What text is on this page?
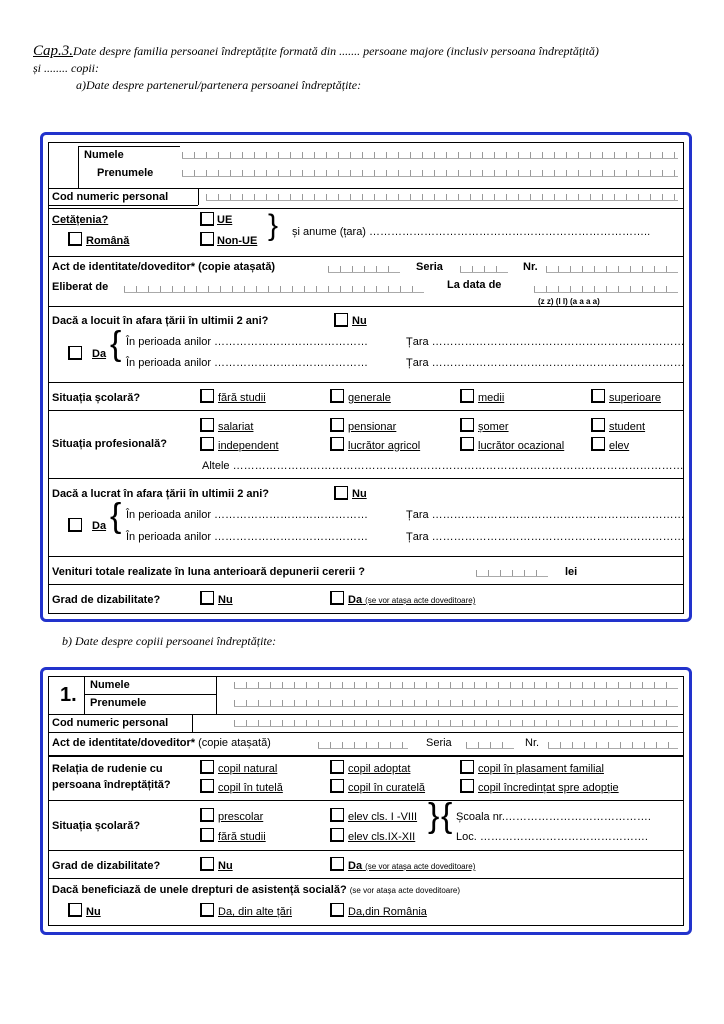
Cap.3.Date despre familia persoanei îndreptățite formată din ....... persoane majore (inclusiv persoana îndreptățită)
și ........ copii:
a)Date despre partenerul/partenera persoanei îndreptățite:
Numele
Prenumele
Cod numeric personal
Cetățenia?	UE
Română	Non-UE } și anume (țara) …………………………………………………………………..
Act de identitate/doveditor* (copie atașată)	Seria	Nr.
Eliberat de	La data de
(z z) (l l) (a a a a)
Dacă a locuit în afara țării în ultimii 2 ani?	Nu
Da { În perioada anilor ……………………………………	Țara ……………………………………………………………
În perioada anilor ……………………………………	Țara ……………………………………………………………
Situația școlară?	fără studii	generale	medii	superioare
Situația profesională?
salariat	pensionar	șomer	student
independent	lucrător agricol	lucrător ocazional	elev
Altele ……………………………………………………………………………………………………………
Dacă a lucrat în afara țării în ultimii 2 ani?	Nu
Da { În perioada anilor ……………………………………	Țara ……………………………………………………………
În perioada anilor ……………………………………	Țara ……………………………………………………………
Venituri totale realizate în luna anterioară depunerii cererii ?	lei
Grad de dizabilitate?	Nu	Da (se vor atașa acte doveditoare)
b) Date despre copiii persoanei îndreptățite:
1. Numele
Prenumele
Cod numeric personal
Act de identitate/doveditor* (copie atașată)	Seria	Nr.
Relația de rudenie cu
persoana îndreptățită?
copil natural	copil adoptat	copil în plasament familial
copil în tutelă	copil în curatelă	copil încredințat spre adopție
Situația școlară?
prescolar	elev cls. I -VIII
fără studii	elev cls.IX-XII
} { Școala nr.………………………………….
Loc. ……………………………………….
Grad de dizabilitate?	Nu	Da (se vor atașa acte doveditoare)
Dacă beneficiază de unele drepturi de asistență socială? (se vor atașa acte doveditoare)
Nu	Da, din alte țări	Da,din România
